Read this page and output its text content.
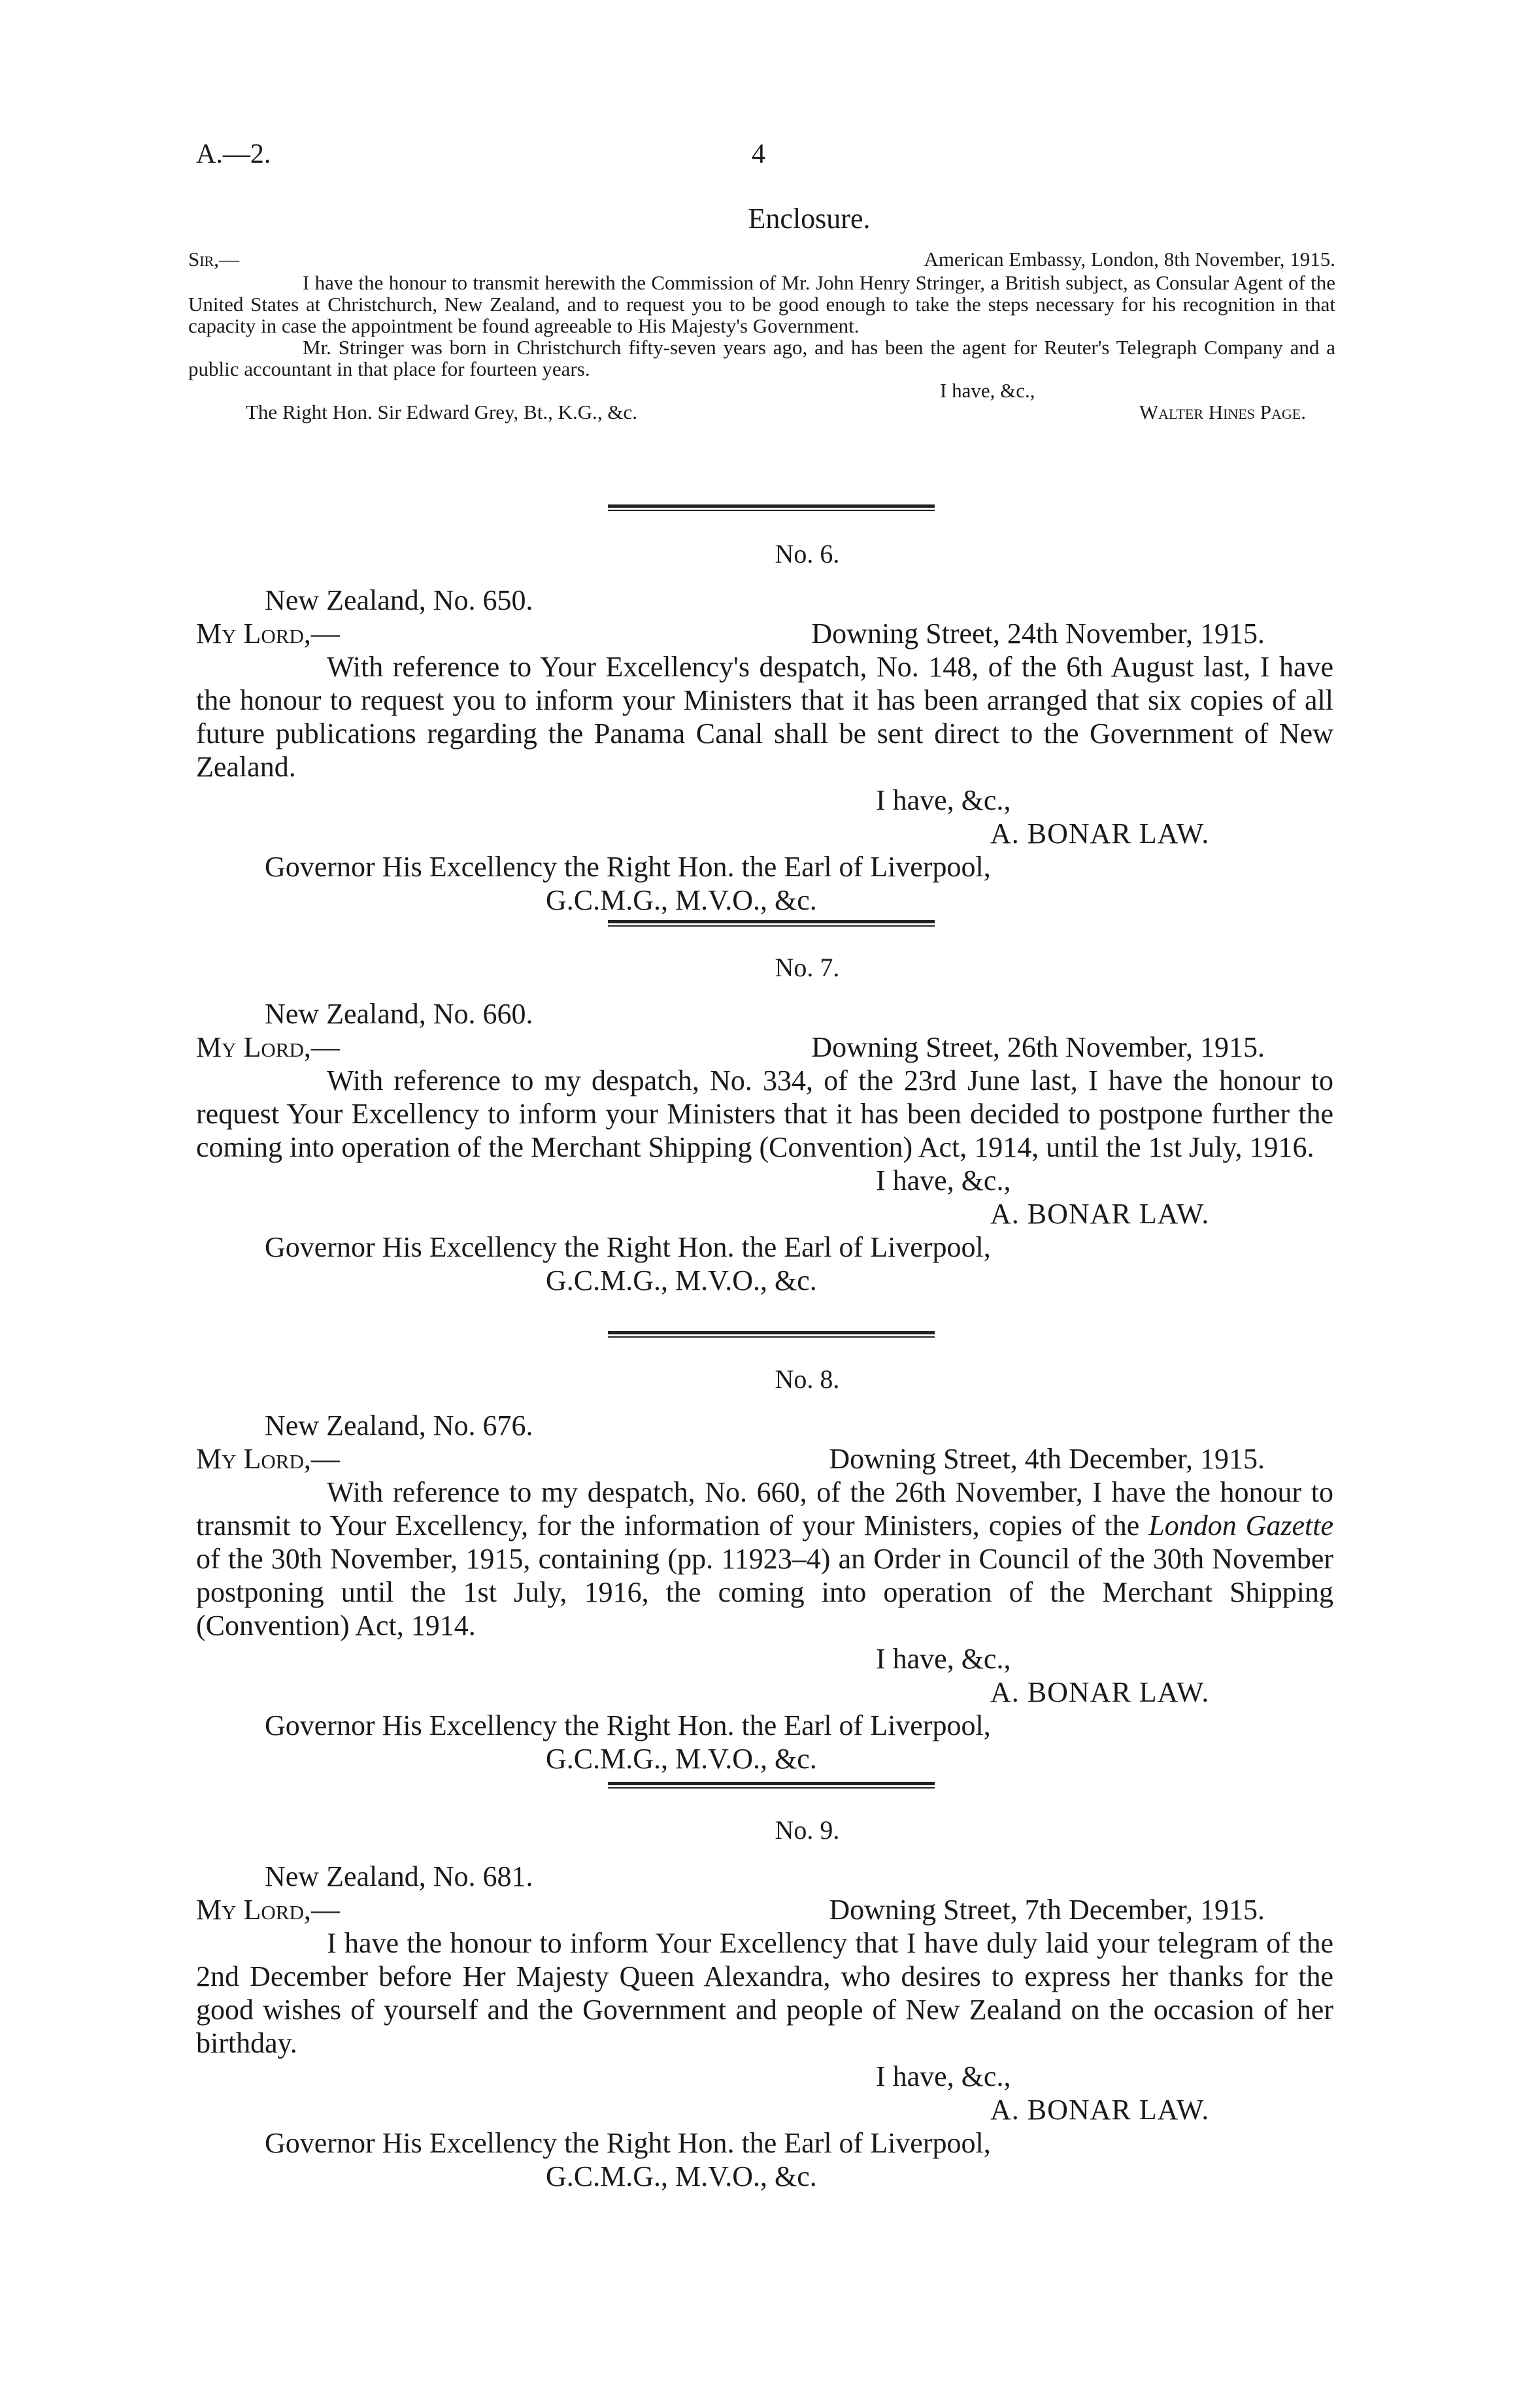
A.—2.	4
Enclosure.
Sir,—	American Embassy, London, 8th November, 1915.

I have the honour to transmit herewith the Commission of Mr. John Henry Stringer, a British subject, as Consular Agent of the United States at Christchurch, New Zealand, and to request you to be good enough to take the steps necessary for his recognition in that capacity in case the appointment be found agreeable to His Majesty's Government.

Mr. Stringer was born in Christchurch fifty-seven years ago, and has been the agent for Reuter's Telegraph Company and a public accountant in that place for fourteen years.

I have, &c.,
The Right Hon. Sir Edward Grey, Bt., K.G., &c.	Walter Hines Page.
No. 6.
New Zealand, No. 650.
My Lord,—	Downing Street, 24th November, 1915.

With reference to Your Excellency's despatch, No. 148, of the 6th August last, I have the honour to request you to inform your Ministers that it has been arranged that six copies of all future publications regarding the Panama Canal shall be sent direct to the Government of New Zealand.

I have, &c.,
A. BONAR LAW.
Governor His Excellency the Right Hon. the Earl of Liverpool,
G.C.M.G., M.V.O., &c.
No. 7.
New Zealand, No. 660.
My Lord,—	Downing Street, 26th November, 1915.

With reference to my despatch, No. 334, of the 23rd June last, I have the honour to request Your Excellency to inform your Ministers that it has been decided to postpone further the coming into operation of the Merchant Shipping (Convention) Act, 1914, until the 1st July, 1916.

I have, &c.,
A. BONAR LAW.
Governor His Excellency the Right Hon. the Earl of Liverpool,
G.C.M.G., M.V.O., &c.
No. 8.
New Zealand, No. 676.
My Lord,—	Downing Street, 4th December, 1915.

With reference to my despatch, No. 660, of the 26th November, I have the honour to transmit to Your Excellency, for the information of your Ministers, copies of the London Gazette of the 30th November, 1915, containing (pp. 11923–4) an Order in Council of the 30th November postponing until the 1st July, 1916, the coming into operation of the Merchant Shipping (Convention) Act, 1914.

I have, &c.,
A. BONAR LAW.
Governor His Excellency the Right Hon. the Earl of Liverpool,
G.C.M.G., M.V.O., &c.
No. 9.
New Zealand, No. 681.
My Lord,—	Downing Street, 7th December, 1915.

I have the honour to inform Your Excellency that I have duly laid your telegram of the 2nd December before Her Majesty Queen Alexandra, who desires to express her thanks for the good wishes of yourself and the Government and people of New Zealand on the occasion of her birthday.

I have, &c.,
A. BONAR LAW.
Governor His Excellency the Right Hon. the Earl of Liverpool,
G.C.M.G., M.V.O., &c.
